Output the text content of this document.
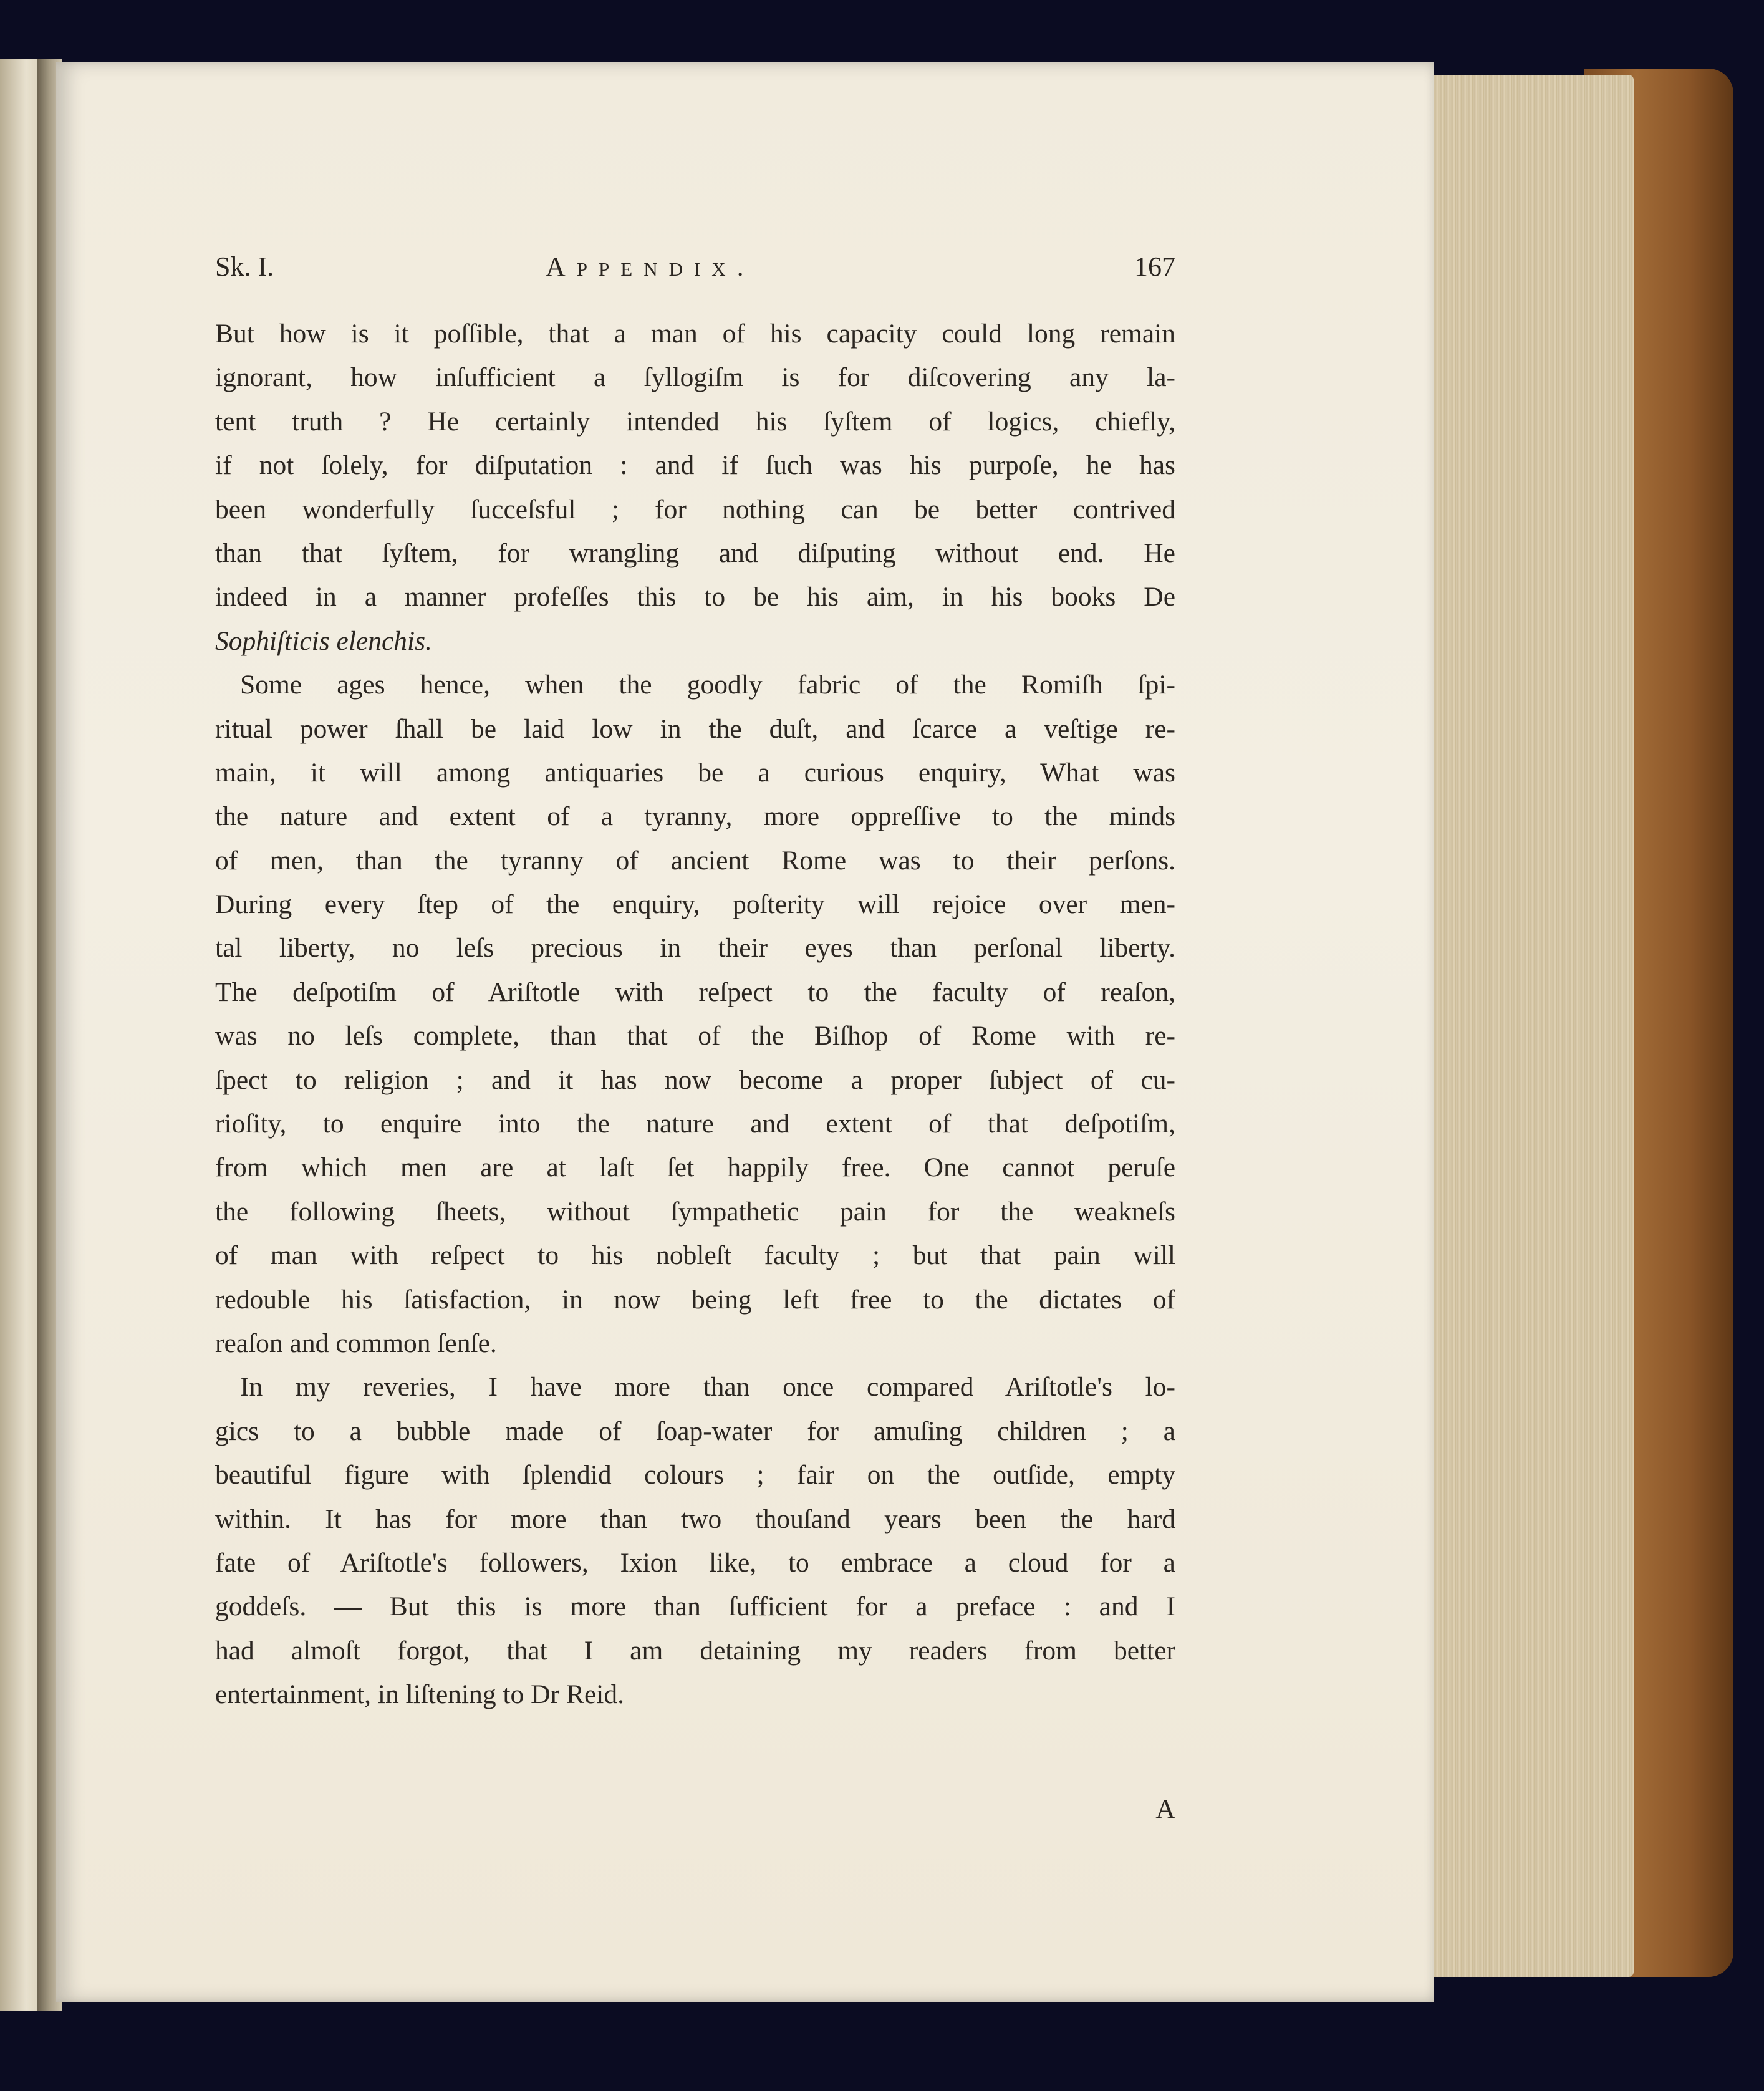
Sk. I.	Appendix.	167
But how is it poſſible, that a man of his capacity could long remain
ignorant, how inſufficient a ſyllogiſm is for diſcovering any la-
tent truth ? He certainly intended his ſyſtem of logics, chiefly,
if not ſolely, for diſputation : and if ſuch was his purpoſe, he has
been wonderfully ſucceſsful ; for nothing can be better contrived
than that ſyſtem, for wrangling and diſputing without end. He
indeed in a manner profeſſes this to be his aim, in his books De
Sophiſticis elenchis.
Some ages hence, when the goodly fabric of the Romiſh ſpi-
ritual power ſhall be laid low in the duſt, and ſcarce a veſtige re-
main, it will among antiquaries be a curious enquiry, What was
the nature and extent of a tyranny, more oppreſſive to the minds
of men, than the tyranny of ancient Rome was to their perſons.
During every ſtep of the enquiry, poſterity will rejoice over men-
tal liberty, no leſs precious in their eyes than perſonal liberty.
The deſpotiſm of Ariſtotle with reſpect to the faculty of reaſon,
was no leſs complete, than that of the Biſhop of Rome with re-
ſpect to religion ; and it has now become a proper ſubject of cu-
rioſity, to enquire into the nature and extent of that deſpotiſm,
from which men are at laſt ſet happily free. One cannot peruſe
the following ſheets, without ſympathetic pain for the weakneſs
of man with reſpect to his nobleſt faculty ; but that pain will
redouble his ſatisfaction, in now being left free to the dictates of
reaſon and common ſenſe.
In my reveries, I have more than once compared Ariſtotle's lo-
gics to a bubble made of ſoap-water for amuſing children ; a
beautiful figure with ſplendid colours ; fair on the outſide, empty
within. It has for more than two thouſand years been the hard
fate of Ariſtotle's followers, Ixion like, to embrace a cloud for a
goddeſs. — But this is more than ſufficient for a preface : and I
had almoſt forgot, that I am detaining my readers from better
entertainment, in liſtening to Dr Reid.
A
